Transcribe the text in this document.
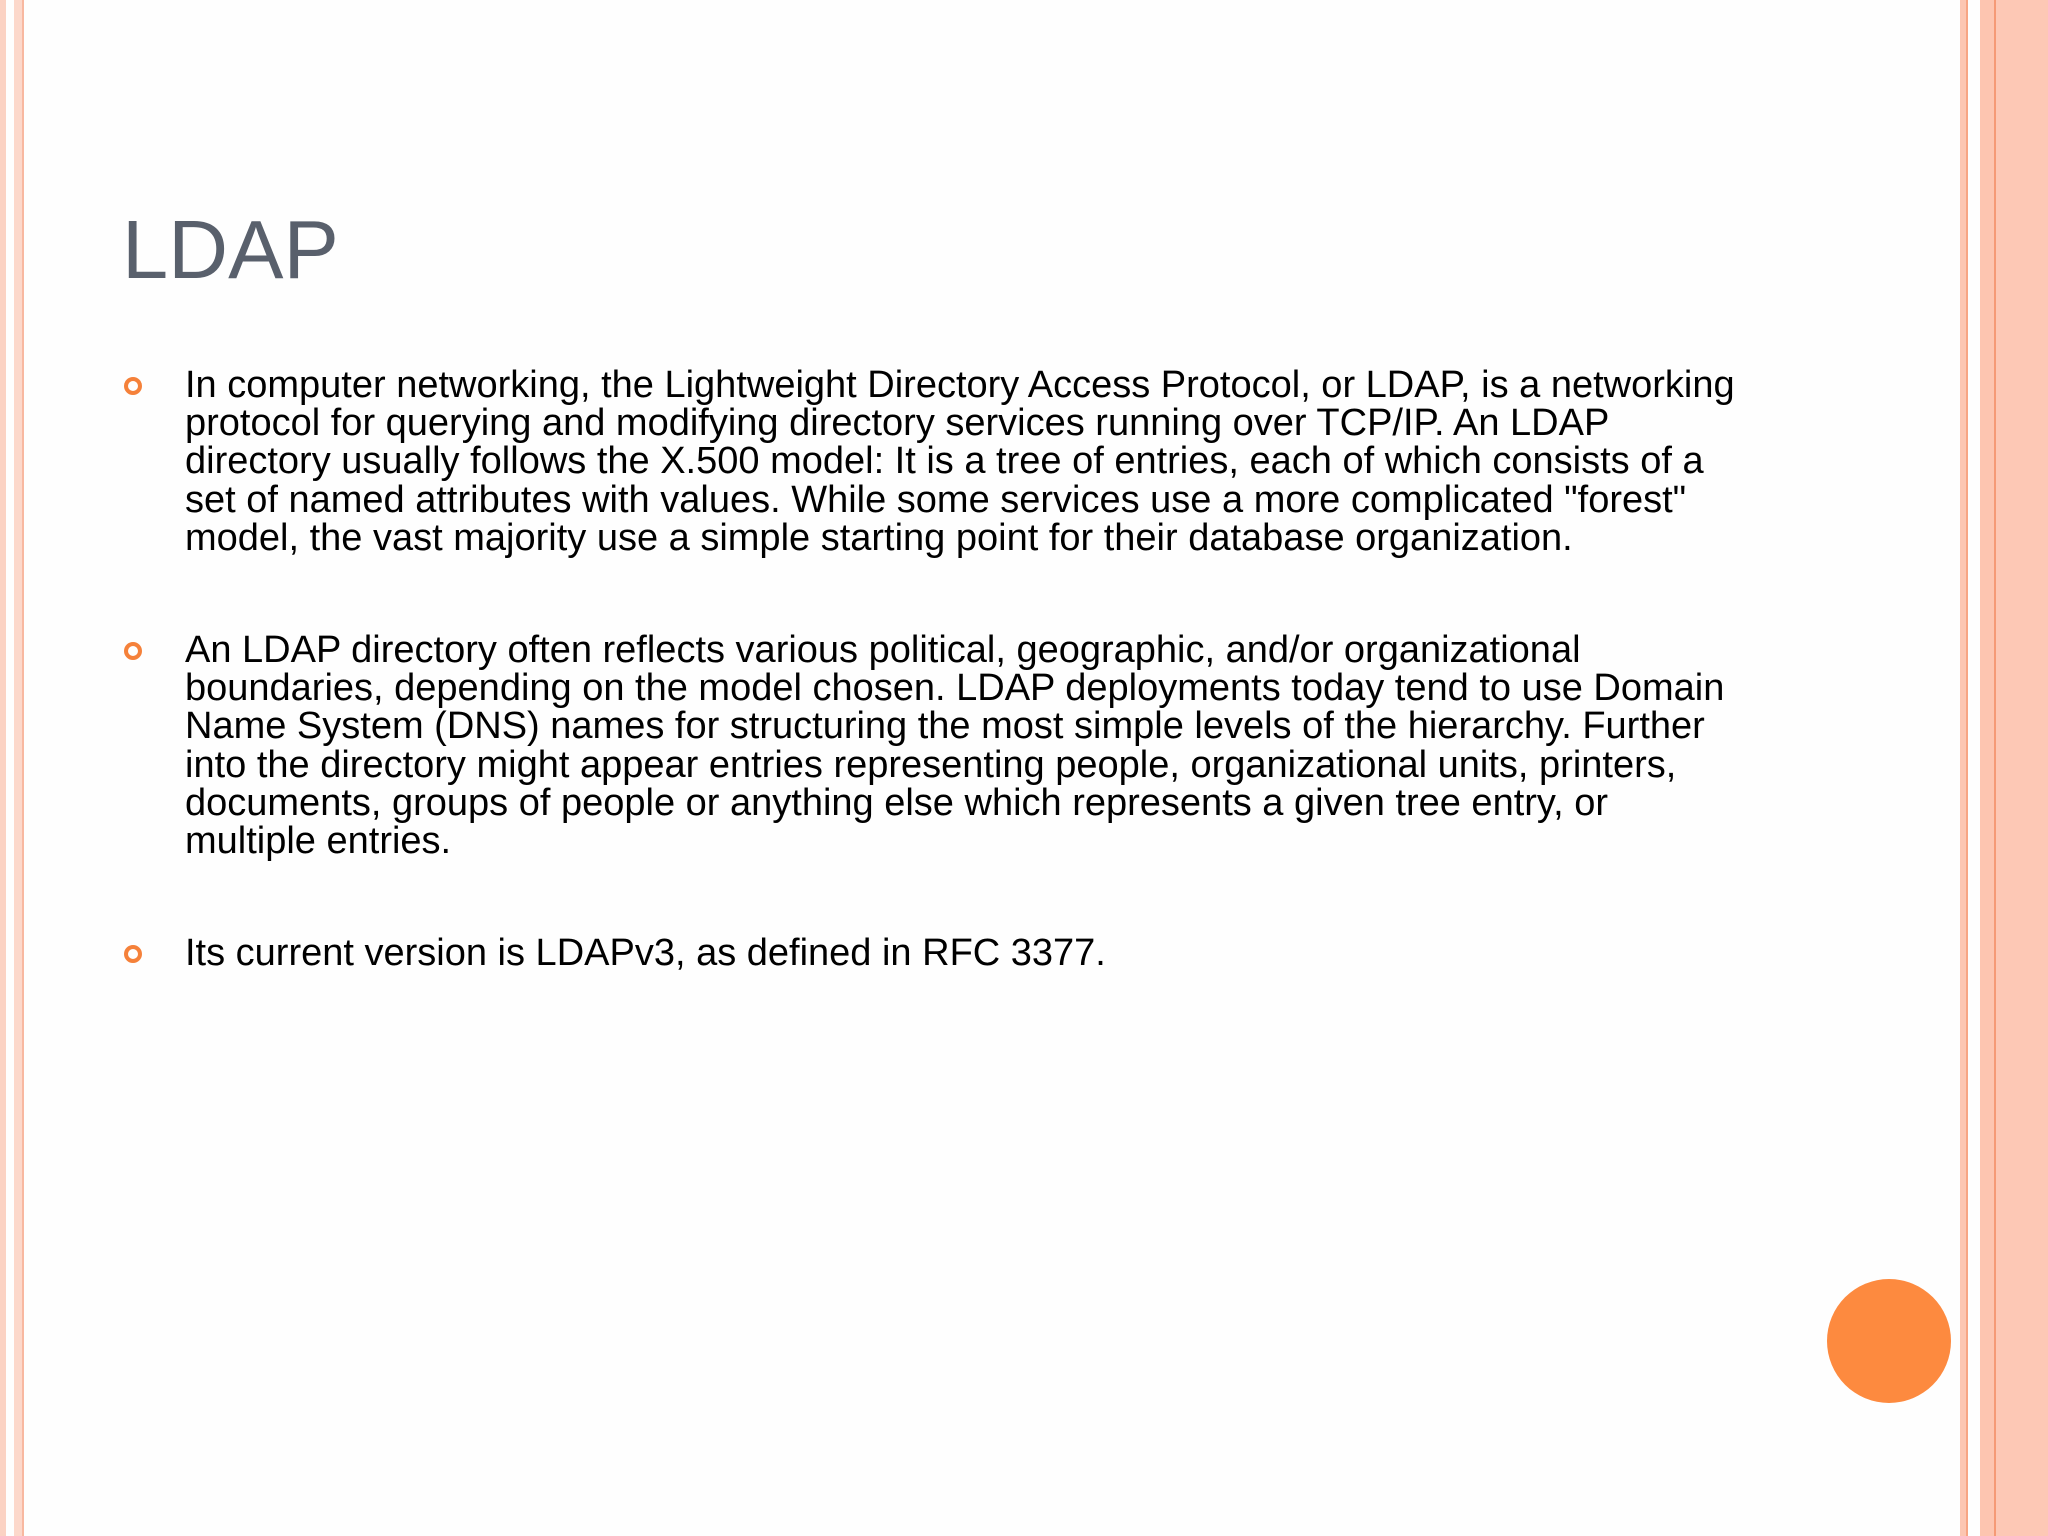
LDAP
In computer networking, the Lightweight Directory Access Protocol, or LDAP, is a networking protocol for querying and modifying directory services running over TCP/IP. An LDAP directory usually follows the X.500 model: It is a tree of entries, each of which consists of a set of named attributes with values. While some services use a more complicated "forest" model, the vast majority use a simple starting point for their database organization.
An LDAP directory often reflects various political, geographic, and/or organizational boundaries, depending on the model chosen. LDAP deployments today tend to use Domain Name System (DNS) names for structuring the most simple levels of the hierarchy. Further into the directory might appear entries representing people, organizational units, printers, documents, groups of people or anything else which represents a given tree entry, or multiple entries.
Its current version is LDAPv3, as defined in RFC 3377.
